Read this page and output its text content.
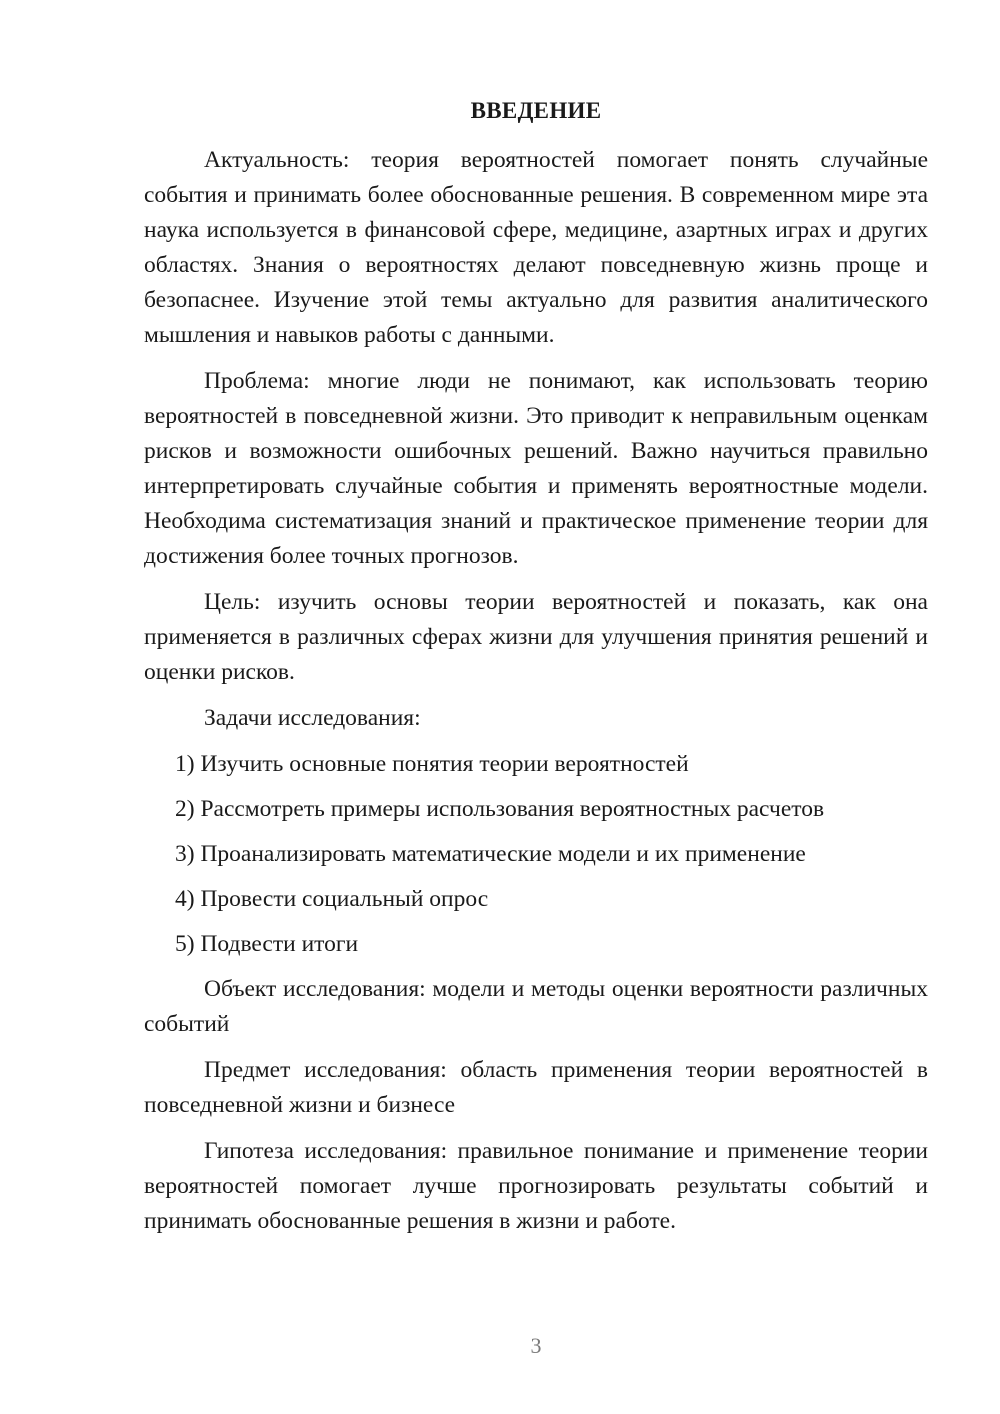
ВВЕДЕНИЕ

Актуальность: теория вероятностей помогает понять случайные события и принимать более обоснованные решения. В современном мире эта наука используется в финансовой сфере, медицине, азартных играх и других областях. Знания о вероятностях делают повседневную жизнь проще и безопаснее. Изучение этой темы актуально для развития аналитического мышления и навыков работы с данными.

Проблема: многие люди не понимают, как использовать теорию вероятностей в повседневной жизни. Это приводит к неправильным оценкам рисков и возможности ошибочных решений. Важно научиться правильно интерпретировать случайные события и применять вероятностные модели. Необходима систематизация знаний и практическое применение теории для достижения более точных прогнозов.

Цель: изучить основы теории вероятностей и показать, как она применяется в различных сферах жизни для улучшения принятия решений и оценки рисков.

Задачи исследования:

1) Изучить основные понятия теории вероятностей
2) Рассмотреть примеры использования вероятностных расчетов
3) Проанализировать математические модели и их применение
4) Провести социальный опрос
5) Подвести итоги

Объект исследования: модели и методы оценки вероятности различных событий

Предмет исследования: область применения теории вероятностей в повседневной жизни и бизнесе

Гипотеза исследования: правильное понимание и применение теории вероятностей помогает лучше прогнозировать результаты событий и принимать обоснованные решения в жизни и работе.

3
